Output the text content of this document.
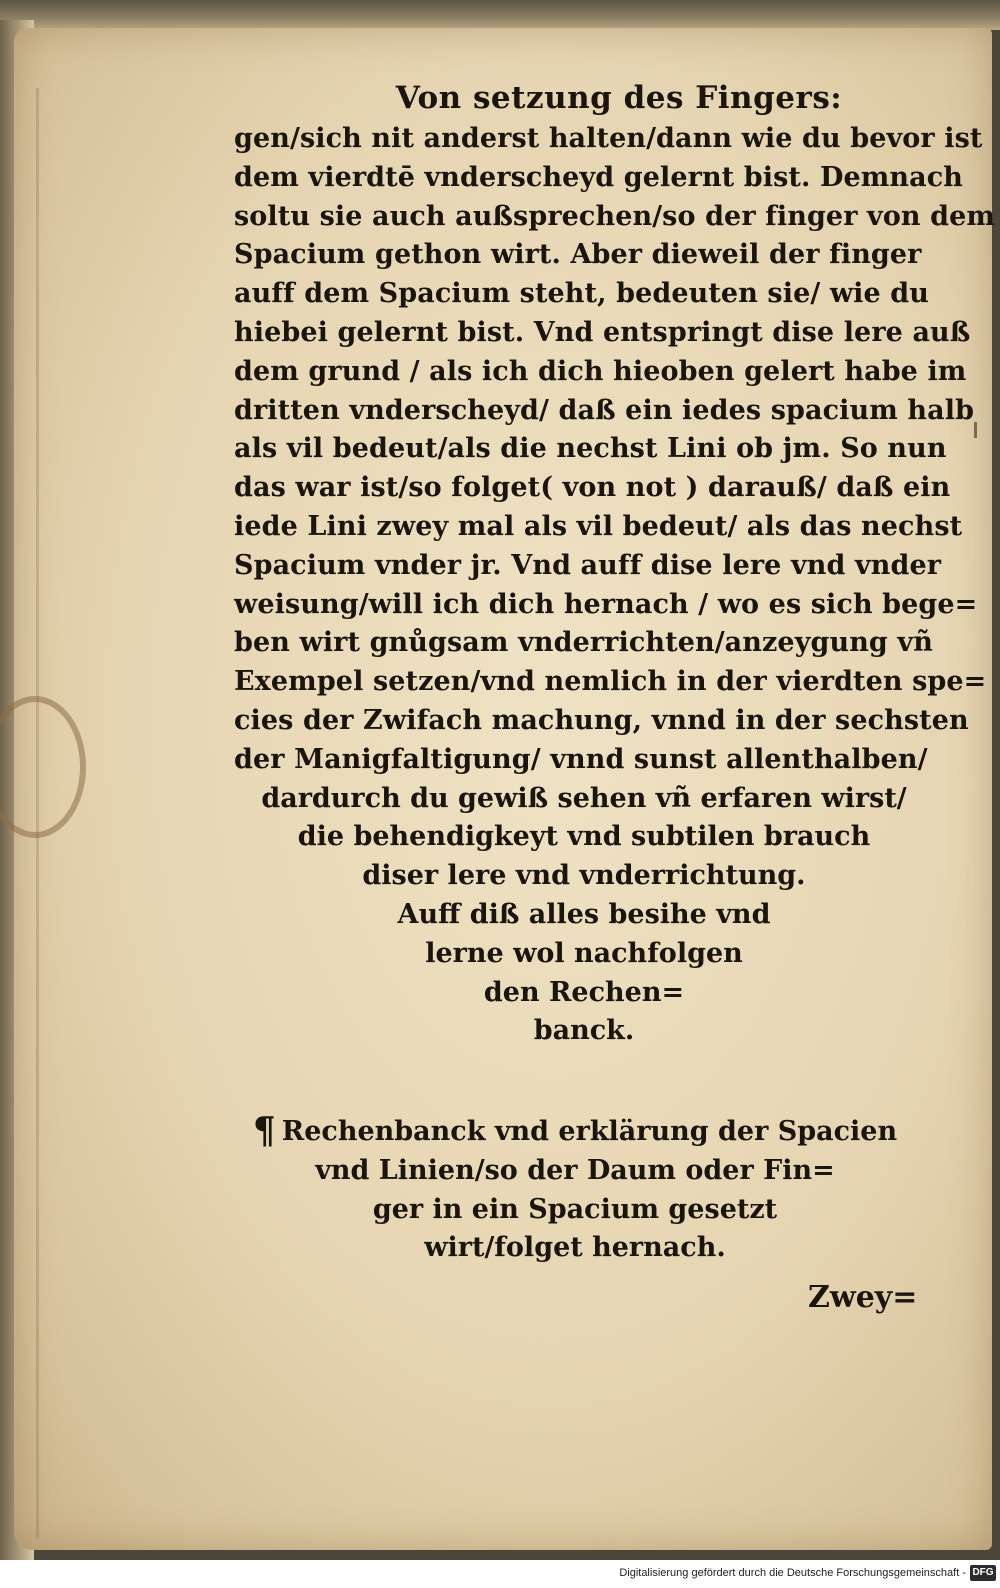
Von setzung des Fingers:
gen/sich nit anderst halten/dann wie du bevor ist
dem vierdtē vnderscheyd gelernt bist. Demnach
soltu sie auch außsprechen/so der finger von dem
Spacium gethon wirt. Aber dieweil der finger
auff dem Spacium steht, bedeuten sie/ wie du
hiebei gelernt bist. Vnd entspringt dise lere auß
dem grund / als ich dich hieoben gelert habe im
dritten vnderscheyd/ daß ein iedes spacium halb
als vil bedeut/als die nechst Lini ob jm. So nun
das war ist/so folget( von not ) darauß/ daß ein
iede Lini zwey mal als vil bedeut/ als das nechst
Spacium vnder jr. Vnd auff dise lere vnd vnder
weisung/will ich dich hernach / wo es sich bege=
ben wirt gnůgsam vnderrichten/anzeygung vñ
Exempel setzen/vnd nemlich in der vierdten spe=
cies der Zwifach machung, vnnd in der sechsten
der Manigfaltigung/ vnnd sunst allenthalben/
dardurch du gewiß sehen vñ erfaren wirst/
die behendigkeyt vnd subtilen brauch
diser lere vnd vnderrichtung.
Auff diß alles besihe vnd
lerne wol nachfolgen
den Rechen=
banck.
¶ Rechenbanck vnd erklärung der Spacien
vnd Linien/so der Daum oder Fin=
ger in ein Spacium gesetzt
wirt/folget hernach.
Zwey=
Digitalisierung gefördert durch die Deutsche Forschungsgemeinschaft - DFG
